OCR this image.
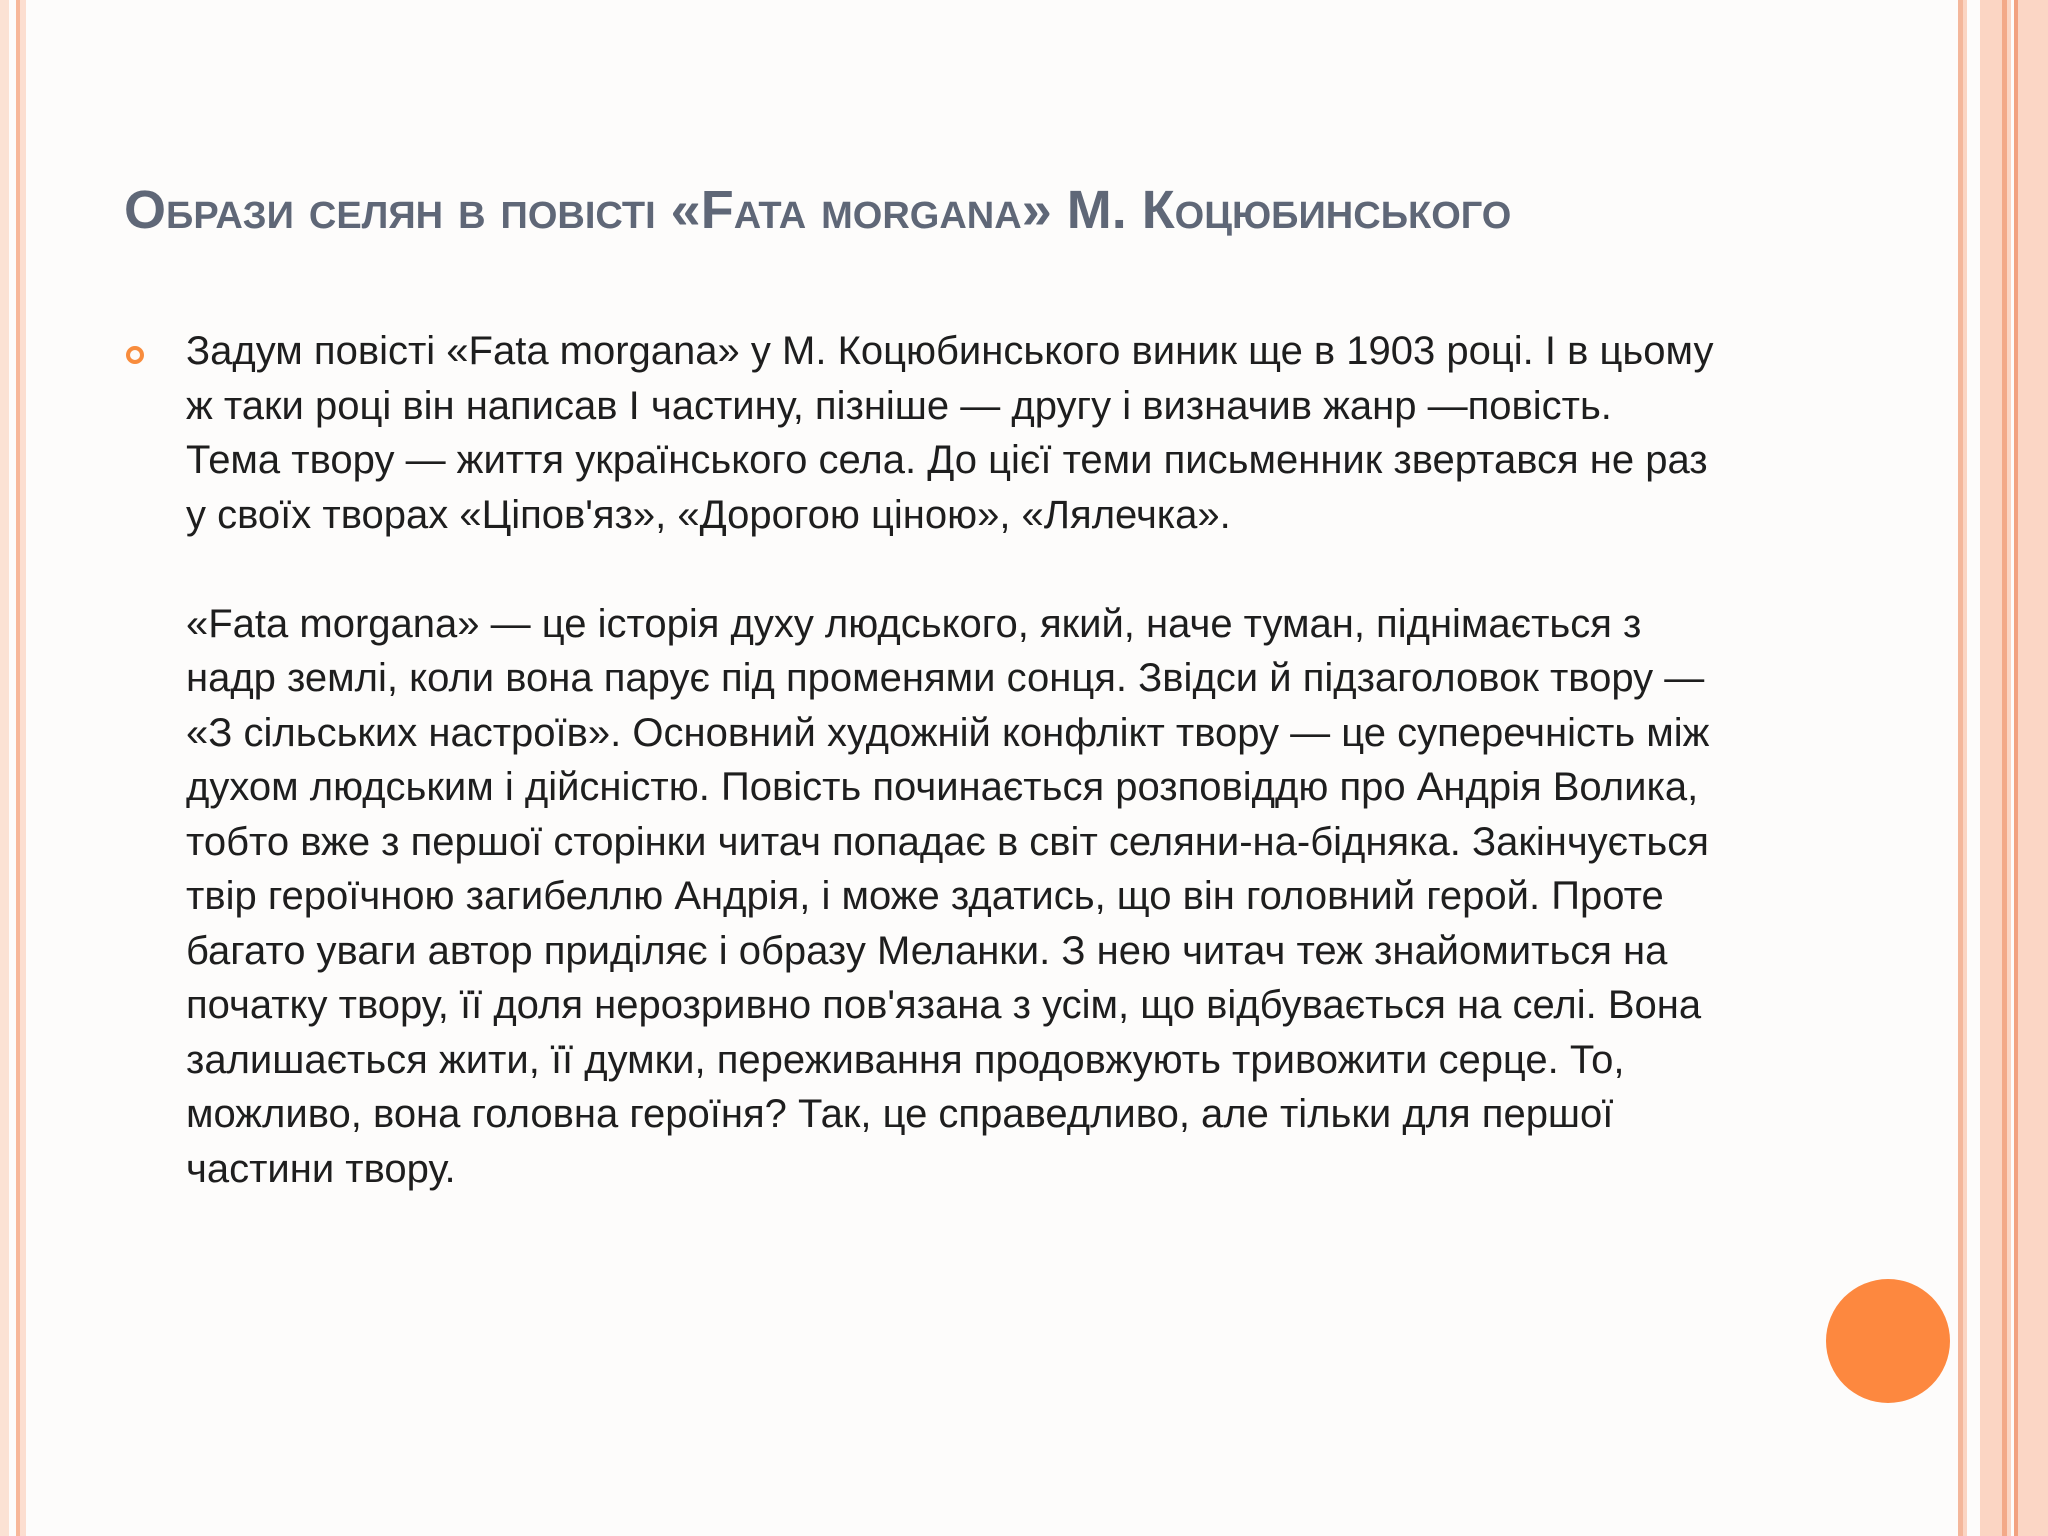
Образи селян в повісті «Fata morgana» М. Коцюбинського

Задум повісті «Fata morgana» у М. Коцюбинського виник ще в 1903 році. І в цьому
ж таки році він написав І частину, пізніше — другу і визначив жанр —повість.
Тема твору — життя українського села. До цієї теми письменник звертався не раз
у своїх творах «Ціпов'яз», «Дорогою ціною», «Лялечка».

«Fata morgana» — це історія духу людського, який, наче туман, піднімається з
надр землі, коли вона парує під променями сонця. Звідси й підзаголовок твору —
«З сільських настроїв». Основний художній конфлікт твору — це суперечність між
духом людським і дійсністю. Повість починається розповіддю про Андрія Волика,
тобто вже з першої сторінки читач попадає в світ селяни-на-бідняка. Закінчується
твір героїчною загибеллю Андрія, і може здатись, що він головний герой. Проте
багато уваги автор приділяє і образу Меланки. З нею читач теж знайомиться на
початку твору, її доля нерозривно пов'язана з усім, що відбувається на селі. Вона
залишається жити, її думки, переживання продовжують тривожити серце. То,
можливо, вона головна героїня? Так, це справедливо, але тільки для першої
частини твору.
